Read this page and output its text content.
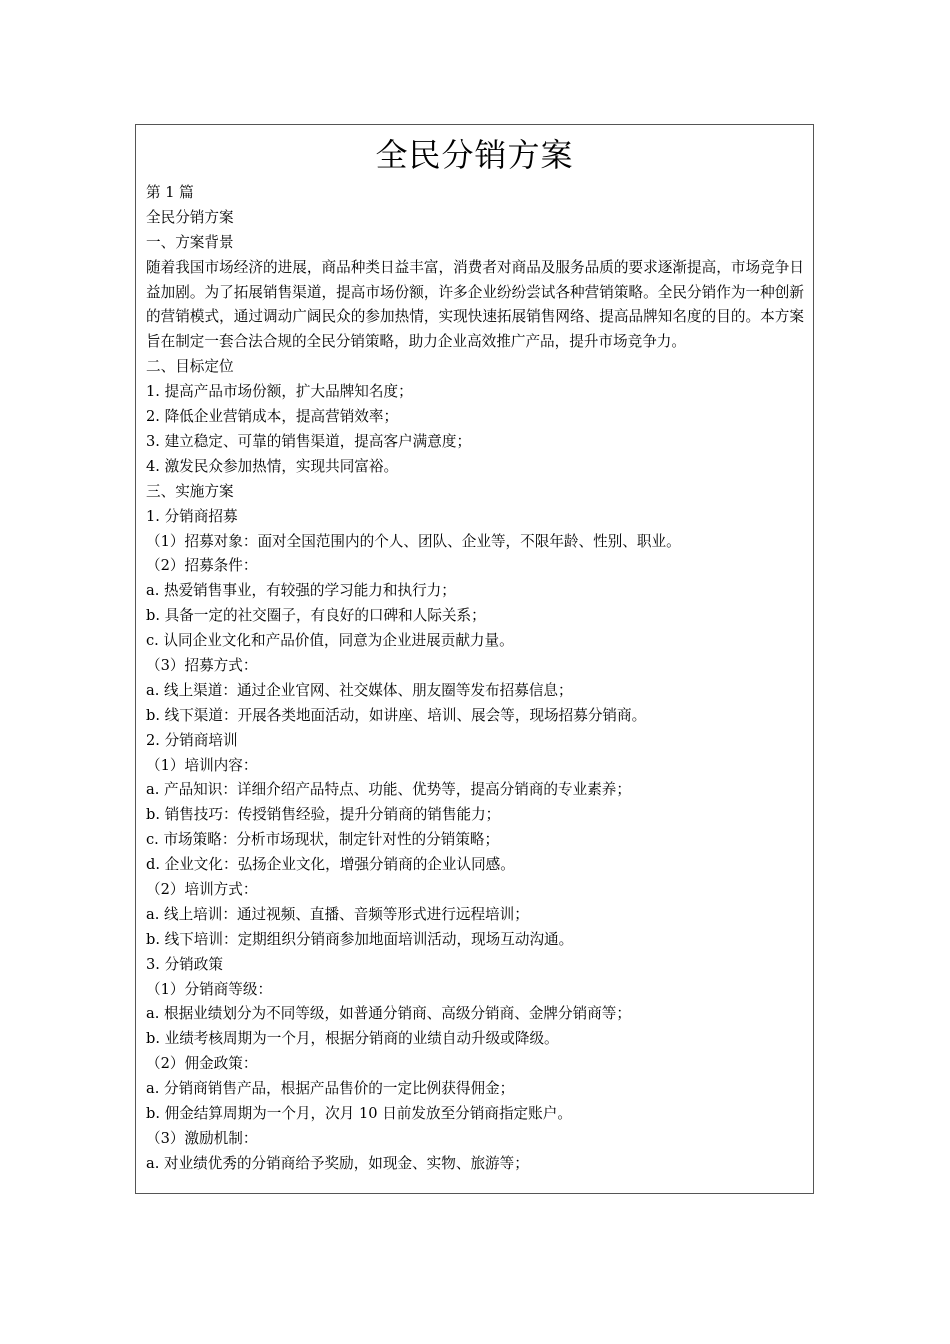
全民分销方案
第 1 篇
全民分销方案
一、方案背景
随着我国市场经济的进展，商品种类日益丰富，消费者对商品及服务品质的要求逐渐提高，市场竞争日益加剧。为了拓展销售渠道，提高市场份额，许多企业纷纷尝试各种营销策略。全民分销作为一种创新的营销模式，通过调动广阔民众的参加热情，实现快速拓展销售网络、提高品牌知名度的目的。本方案旨在制定一套合法合规的全民分销策略，助力企业高效推广产品，提升市场竞争力。
二、目标定位
1. 提高产品市场份额，扩大品牌知名度；
2. 降低企业营销成本，提高营销效率；
3. 建立稳定、可靠的销售渠道，提高客户满意度；
4. 激发民众参加热情，实现共同富裕。
三、实施方案
1. 分销商招募
（1）招募对象：面对全国范围内的个人、团队、企业等，不限年龄、性别、职业。
（2）招募条件：
a. 热爱销售事业，有较强的学习能力和执行力；
b. 具备一定的社交圈子，有良好的口碑和人际关系；
c. 认同企业文化和产品价值，同意为企业进展贡献力量。
（3）招募方式：
a. 线上渠道：通过企业官网、社交媒体、朋友圈等发布招募信息；
b. 线下渠道：开展各类地面活动，如讲座、培训、展会等，现场招募分销商。
2. 分销商培训
（1）培训内容：
a. 产品知识：详细介绍产品特点、功能、优势等，提高分销商的专业素养；
b. 销售技巧：传授销售经验，提升分销商的销售能力；
c. 市场策略：分析市场现状，制定针对性的分销策略；
d. 企业文化：弘扬企业文化，增强分销商的企业认同感。
（2）培训方式：
a. 线上培训：通过视频、直播、音频等形式进行远程培训；
b. 线下培训：定期组织分销商参加地面培训活动，现场互动沟通。
3. 分销政策
（1）分销商等级：
a. 根据业绩划分为不同等级，如普通分销商、高级分销商、金牌分销商等；
b. 业绩考核周期为一个月，根据分销商的业绩自动升级或降级。
（2）佣金政策：
a. 分销商销售产品，根据产品售价的一定比例获得佣金；
b. 佣金结算周期为一个月，次月 10 日前发放至分销商指定账户。
（3）激励机制：
a. 对业绩优秀的分销商给予奖励，如现金、实物、旅游等；
